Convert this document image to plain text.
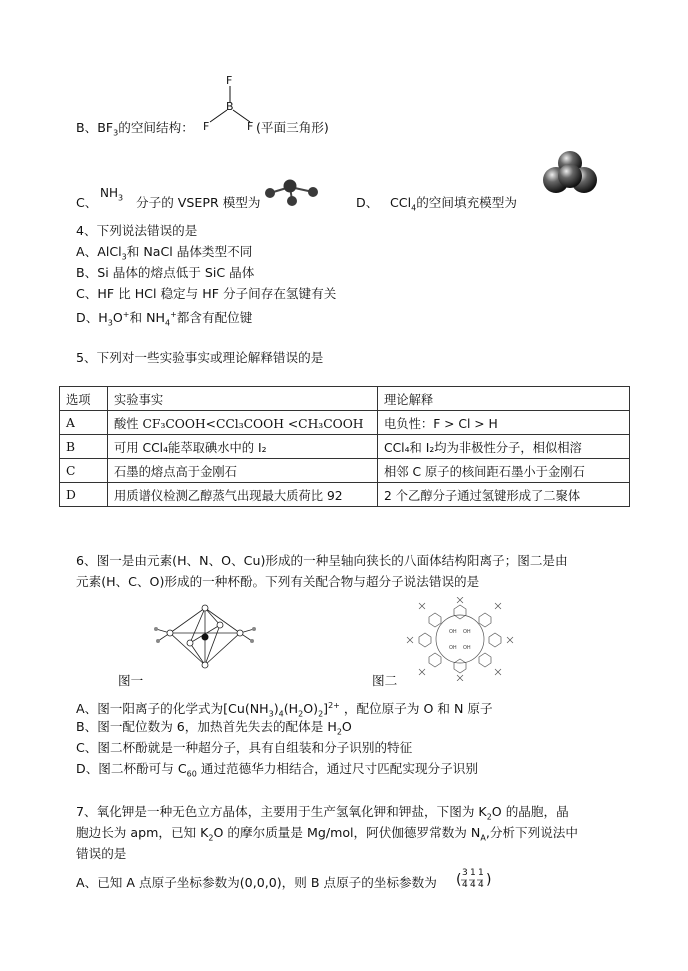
B、$BF_3$的空间结构：
F
B
F	F (平面三角形)
C、
$NH_3$ 分子的 VSEPR 模型为	D、 CCl$_4$的空间填充模型为
4、下列说法错误的是
A、AlCl$_3$和 NaCl 晶体类型不同
B、Si 晶体的熔点低于 SiC 晶体
C、HF 比 HCl 稳定与 HF 分子间存在氢键有关
D、$H_3O^+$和 $NH_4^+$都含有配位键
5、下列对一些实验事实或理论解释错误的是
选项	实验事实	理论解释
A	酸性 CF₃COOH<CCl₃COOH <CH₃COOH	电负性：F > Cl > H
B	可用 CCl₄能萃取碘水中的 I₂	CCl₄和 I₂均为非极性分子，相似相溶
C	石墨的熔点高于金刚石	相邻 C 原子的核间距石墨小于金刚石
D	用质谱仪检测乙醇蒸气出现最大质荷比 92	2 个乙醇分子通过氢键形成了二聚体
6、图一是由元素(H、N、O、Cu)形成的一种呈轴向狭长的八面体结构阳离子；图二是由
元素(H、C、O)形成的一种杯酚。下列有关配合物与超分子说法错误的是
图一
OH OH
OH OH
图二
A、图一阳离子的化学式为$[Cu(NH_3)_4(H_2O)_2]^{2+}$ ，配位原子为 O 和 N 原子
B、图一配位数为 6，加热首先失去的配体是 $H_2O$
C、图二杯酚就是一种超分子，具有自组装和分子识别的特征
D、图二杯酚可与 $C_{60}$ 通过范德华力相结合，通过尺寸匹配实现分子识别
7、氧化钾是一种无色立方晶体，主要用于生产氢氧化钾和钾盐，下图为 $K_2O$ 的晶胞，晶
胞边长为 apm，已知 $K_2O$ 的摩尔质量是 Mg/mol，阿伏伽德罗常数为 $N_A$,分析下列说法中
错误的是
A、已知 A 点原子坐标参数为(0,0,0)，则 B 点原子的坐标参数为 ( 3
4
1
4
1
4 )
